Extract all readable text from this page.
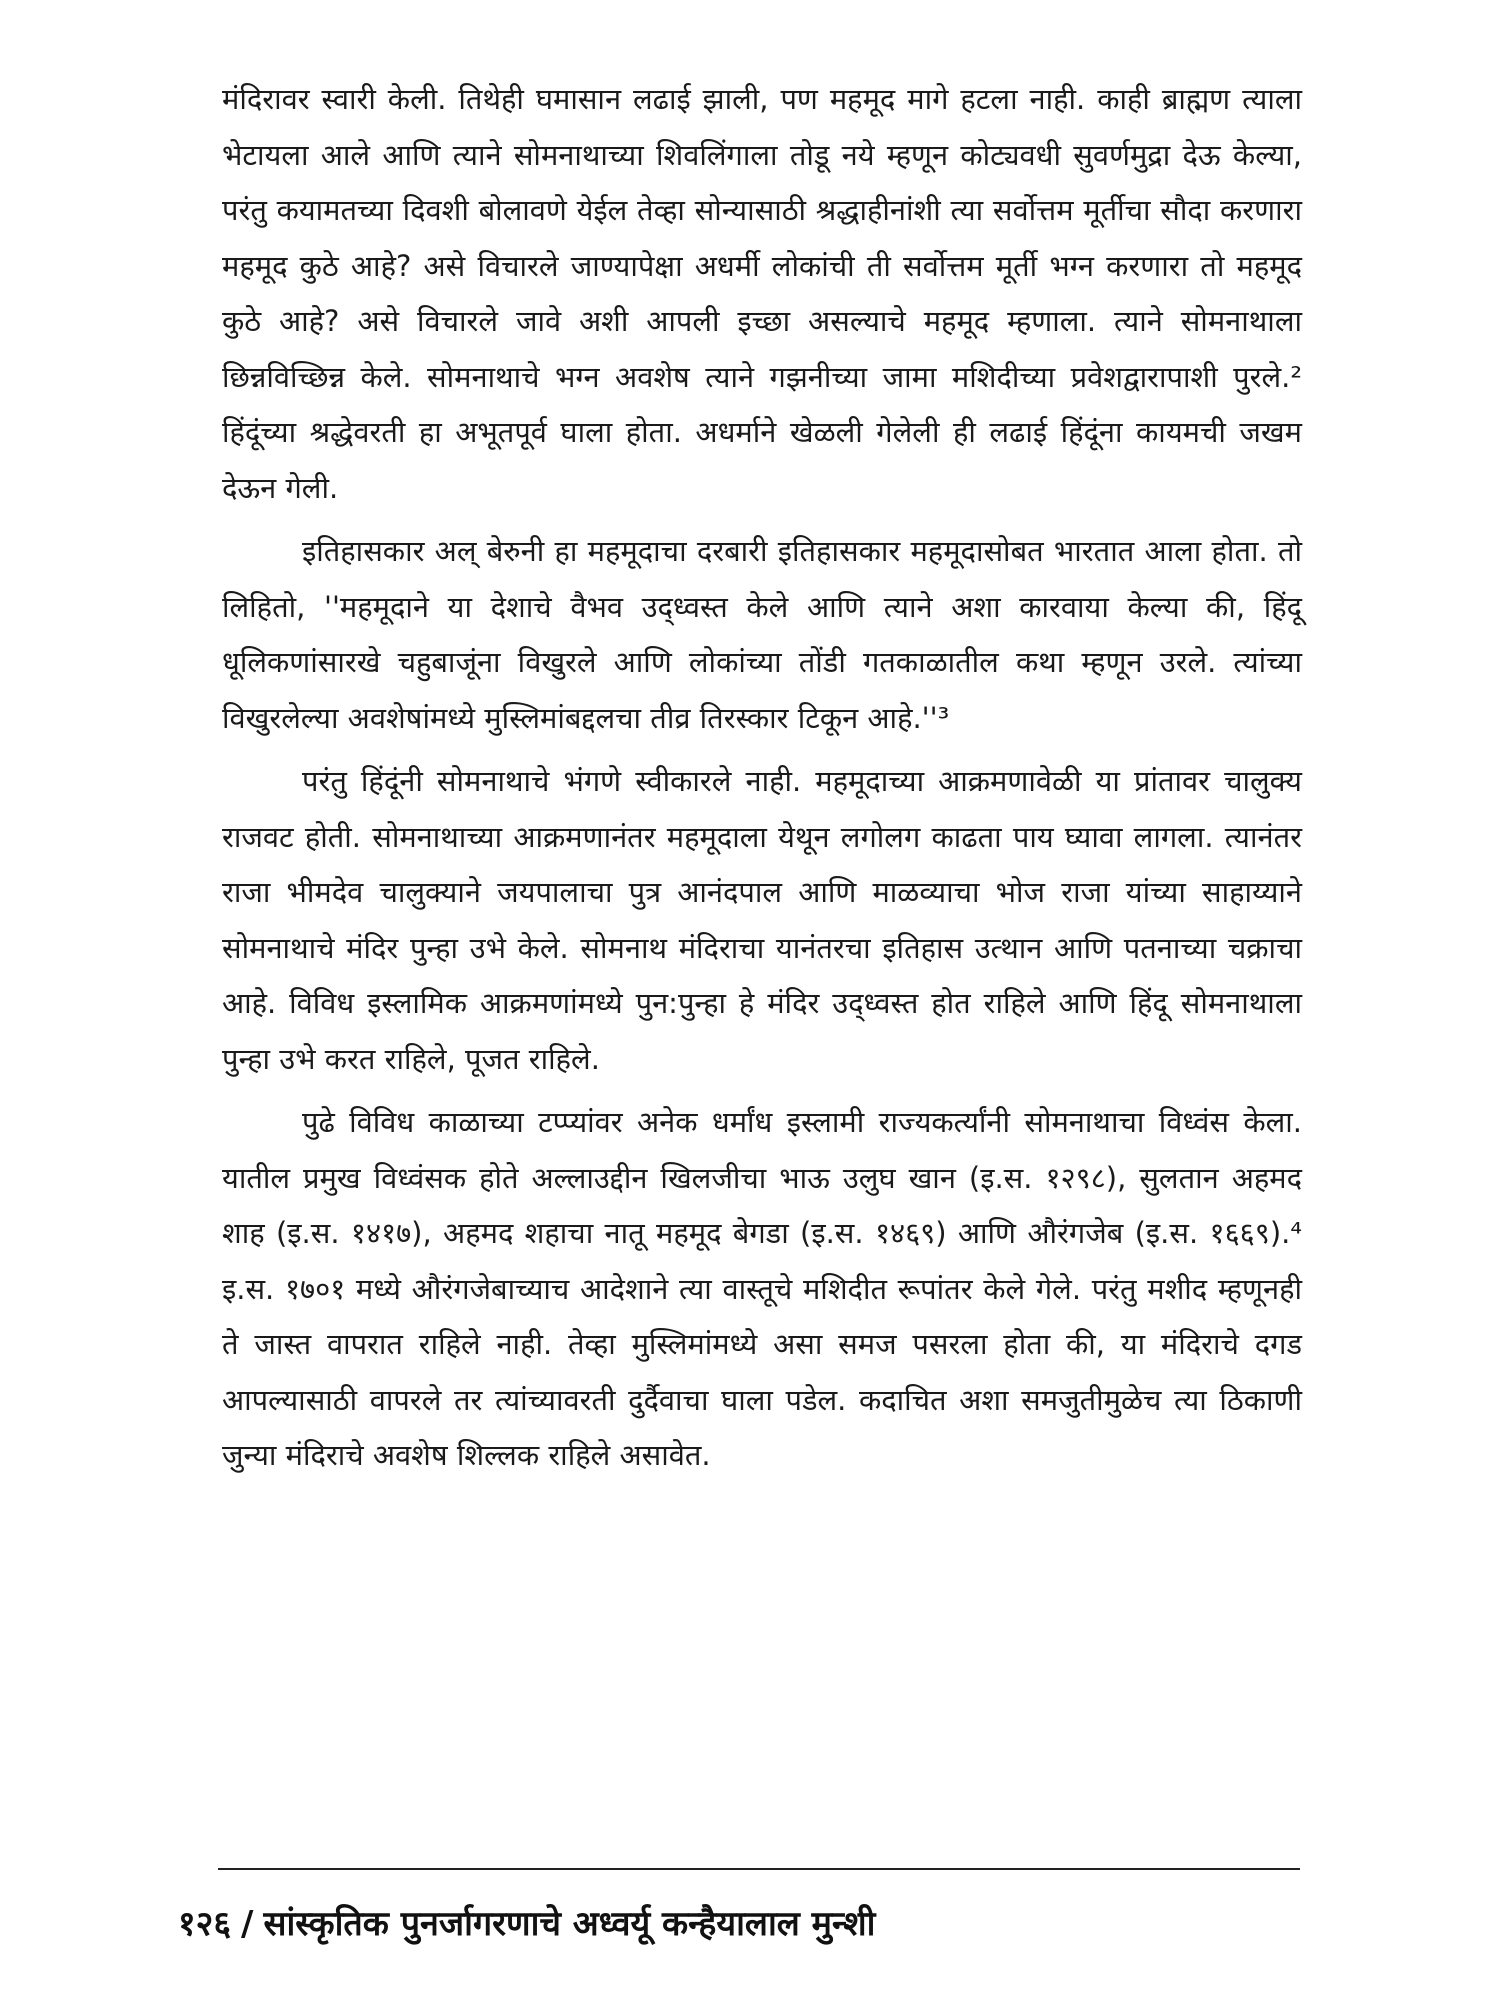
मंदिरावर स्वारी केली. तिथेही घमासान लढाई झाली, पण महमूद मागे हटला नाही. काही ब्राह्मण त्याला भेटायला आले आणि त्याने सोमनाथाच्या शिवलिंगाला तोडू नये म्हणून कोट्यवधी सुवर्णमुद्रा देऊ केल्या, परंतु कयामतच्या दिवशी बोलावणे येईल तेव्हा सोन्यासाठी श्रद्धाहीनांशी त्या सर्वोत्तम मूर्तीचा सौदा करणारा महमूद कुठे आहे? असे विचारले जाण्यापेक्षा अधर्मी लोकांची ती सर्वोत्तम मूर्ती भग्न करणारा तो महमूद कुठे आहे? असे विचारले जावे अशी आपली इच्छा असल्याचे महमूद म्हणाला. त्याने सोमनाथाला छिन्नविच्छिन्न केले. सोमनाथाचे भग्न अवशेष त्याने गझनीच्या जामा मशिदीच्या प्रवेशद्वारापाशी पुरले.² हिंदूंच्या श्रद्धेवरती हा अभूतपूर्व घाला होता. अधर्माने खेळली गेलेली ही लढाई हिंदूंना कायमची जखम देऊन गेली.

इतिहासकार अल् बेरुनी हा महमूदाचा दरबारी इतिहासकार महमूदासोबत भारतात आला होता. तो लिहितो, ''महमूदाने या देशाचे वैभव उद्ध्वस्त केले आणि त्याने अशा कारवाया केल्या की, हिंदू धूलिकणांसारखे चहुबाजूंना विखुरले आणि लोकांच्या तोंडी गतकाळातील कथा म्हणून उरले. त्यांच्या विखुरलेल्या अवशेषांमध्ये मुस्लिमांबद्दलचा तीव्र तिरस्कार टिकून आहे.''³

परंतु हिंदूंनी सोमनाथाचे भंगणे स्वीकारले नाही. महमूदाच्या आक्रमणावेळी या प्रांतावर चालुक्य राजवट होती. सोमनाथाच्या आक्रमणानंतर महमूदाला येथून लगोलग काढता पाय घ्यावा लागला. त्यानंतर राजा भीमदेव चालुक्याने जयपालाचा पुत्र आनंदपाल आणि माळव्याचा भोज राजा यांच्या साहाय्याने सोमनाथाचे मंदिर पुन्हा उभे केले. सोमनाथ मंदिराचा यानंतरचा इतिहास उत्थान आणि पतनाच्या चक्राचा आहे. विविध इस्लामिक आक्रमणांमध्ये पुन:पुन्हा हे मंदिर उद्ध्वस्त होत राहिले आणि हिंदू सोमनाथाला पुन्हा उभे करत राहिले, पूजत राहिले.

पुढे विविध काळाच्या टप्प्यांवर अनेक धर्मांध इस्लामी राज्यकर्त्यांनी सोमनाथाचा विध्वंस केला. यातील प्रमुख विध्वंसक होते अल्लाउद्दीन खिलजीचा भाऊ उलुघ खान (इ.स. १२९८), सुलतान अहमद शाह (इ.स. १४१७), अहमद शहाचा नातू महमूद बेगडा (इ.स. १४६९) आणि औरंगजेब (इ.स. १६६९).⁴ इ.स. १७०१ मध्ये औरंगजेबाच्याच आदेशाने त्या वास्तूचे मशिदीत रूपांतर केले गेले. परंतु मशीद म्हणूनही ते जास्त वापरात राहिले नाही. तेव्हा मुस्लिमांमध्ये असा समज पसरला होता की, या मंदिराचे दगड आपल्यासाठी वापरले तर त्यांच्यावरती दुर्दैवाचा घाला पडेल. कदाचित अशा समजुतीमुळेच त्या ठिकाणी जुन्या मंदिराचे अवशेष शिल्लक राहिले असावेत.

१२६ / सांस्कृतिक पुनर्जागरणाचे अध्वर्यू कन्हैयालाल मुन्शी
